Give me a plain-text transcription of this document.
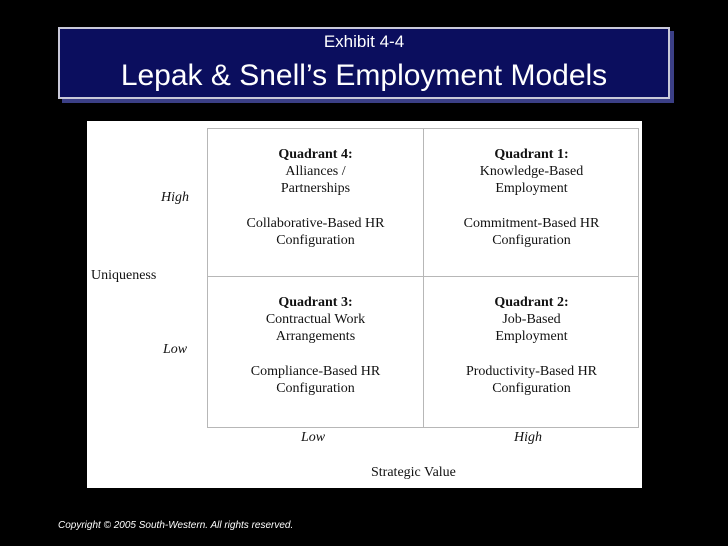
Exhibit 4-4
Lepak & Snell’s Employment Models
High
Uniqueness
Low
Quadrant 4:
Alliances /
Partnerships
Collaborative-Based HR
Configuration
Quadrant 1:
Knowledge-Based
Employment
Commitment-Based HR
Configuration
Quadrant 3:
Contractual Work
Arrangements
Compliance-Based HR
Configuration
Quadrant 2:
Job-Based
Employment
Productivity-Based HR
Configuration
Low	High
Strategic Value
Copyright © 2005 South-Western. All rights reserved.
